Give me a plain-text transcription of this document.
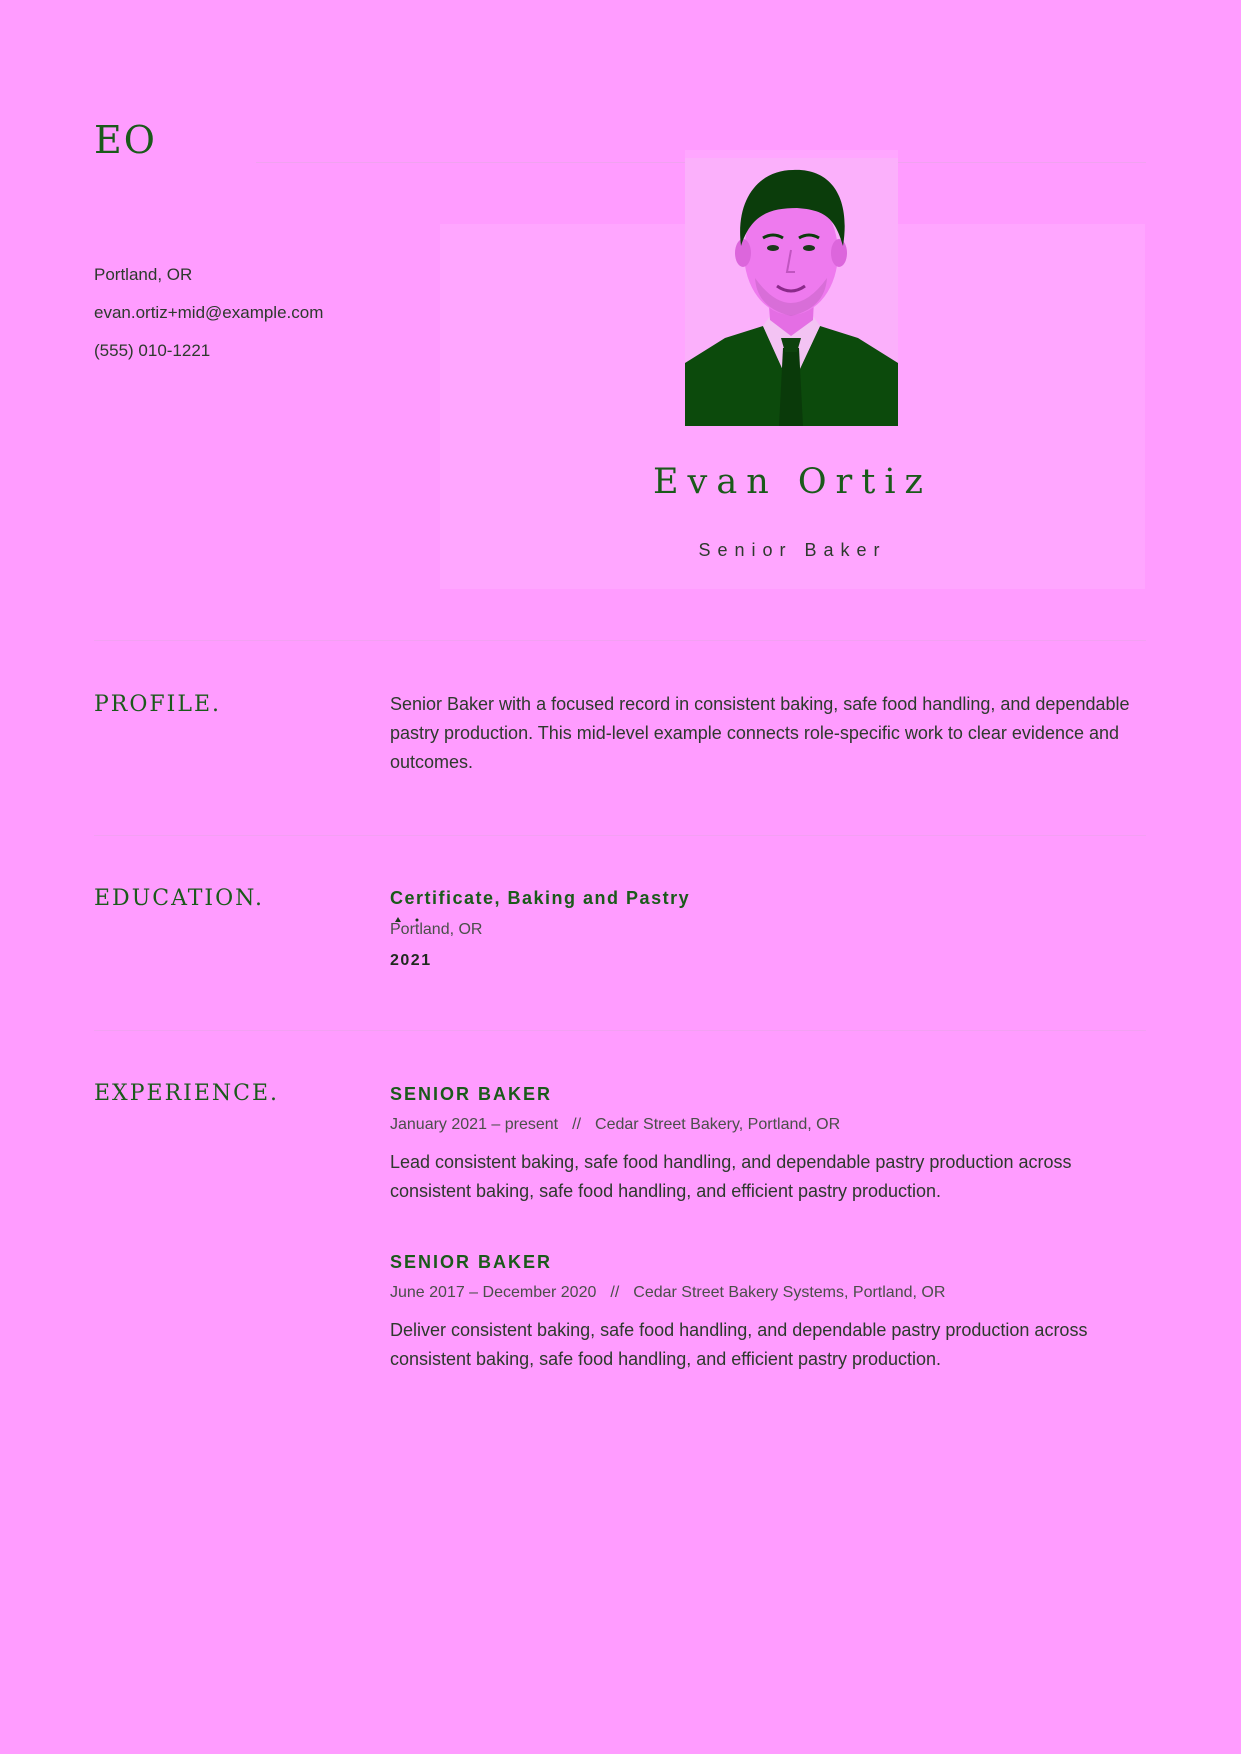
EO
Portland, OR
evan.ortiz+mid@example.com
(555) 010-1221
Evan Ortiz
Senior Baker
PROFILE.	Senior Baker with a focused record in consistent baking, safe food handling, and dependable pastry production. This mid-level example connects role-specific work to clear evidence and outcomes.
EDUCATION.	Certificate, Baking and Pastry
Portland, OR
2021
EXPERIENCE.	SENIOR BAKER
January 2021 – present // Cedar Street Bakery, Portland, OR
Lead consistent baking, safe food handling, and dependable pastry production across consistent baking, safe food handling, and efficient pastry production.
SENIOR BAKER
June 2017 – December 2020 // Cedar Street Bakery Systems, Portland, OR
Deliver consistent baking, safe food handling, and dependable pastry production across consistent baking, safe food handling, and efficient pastry production.
